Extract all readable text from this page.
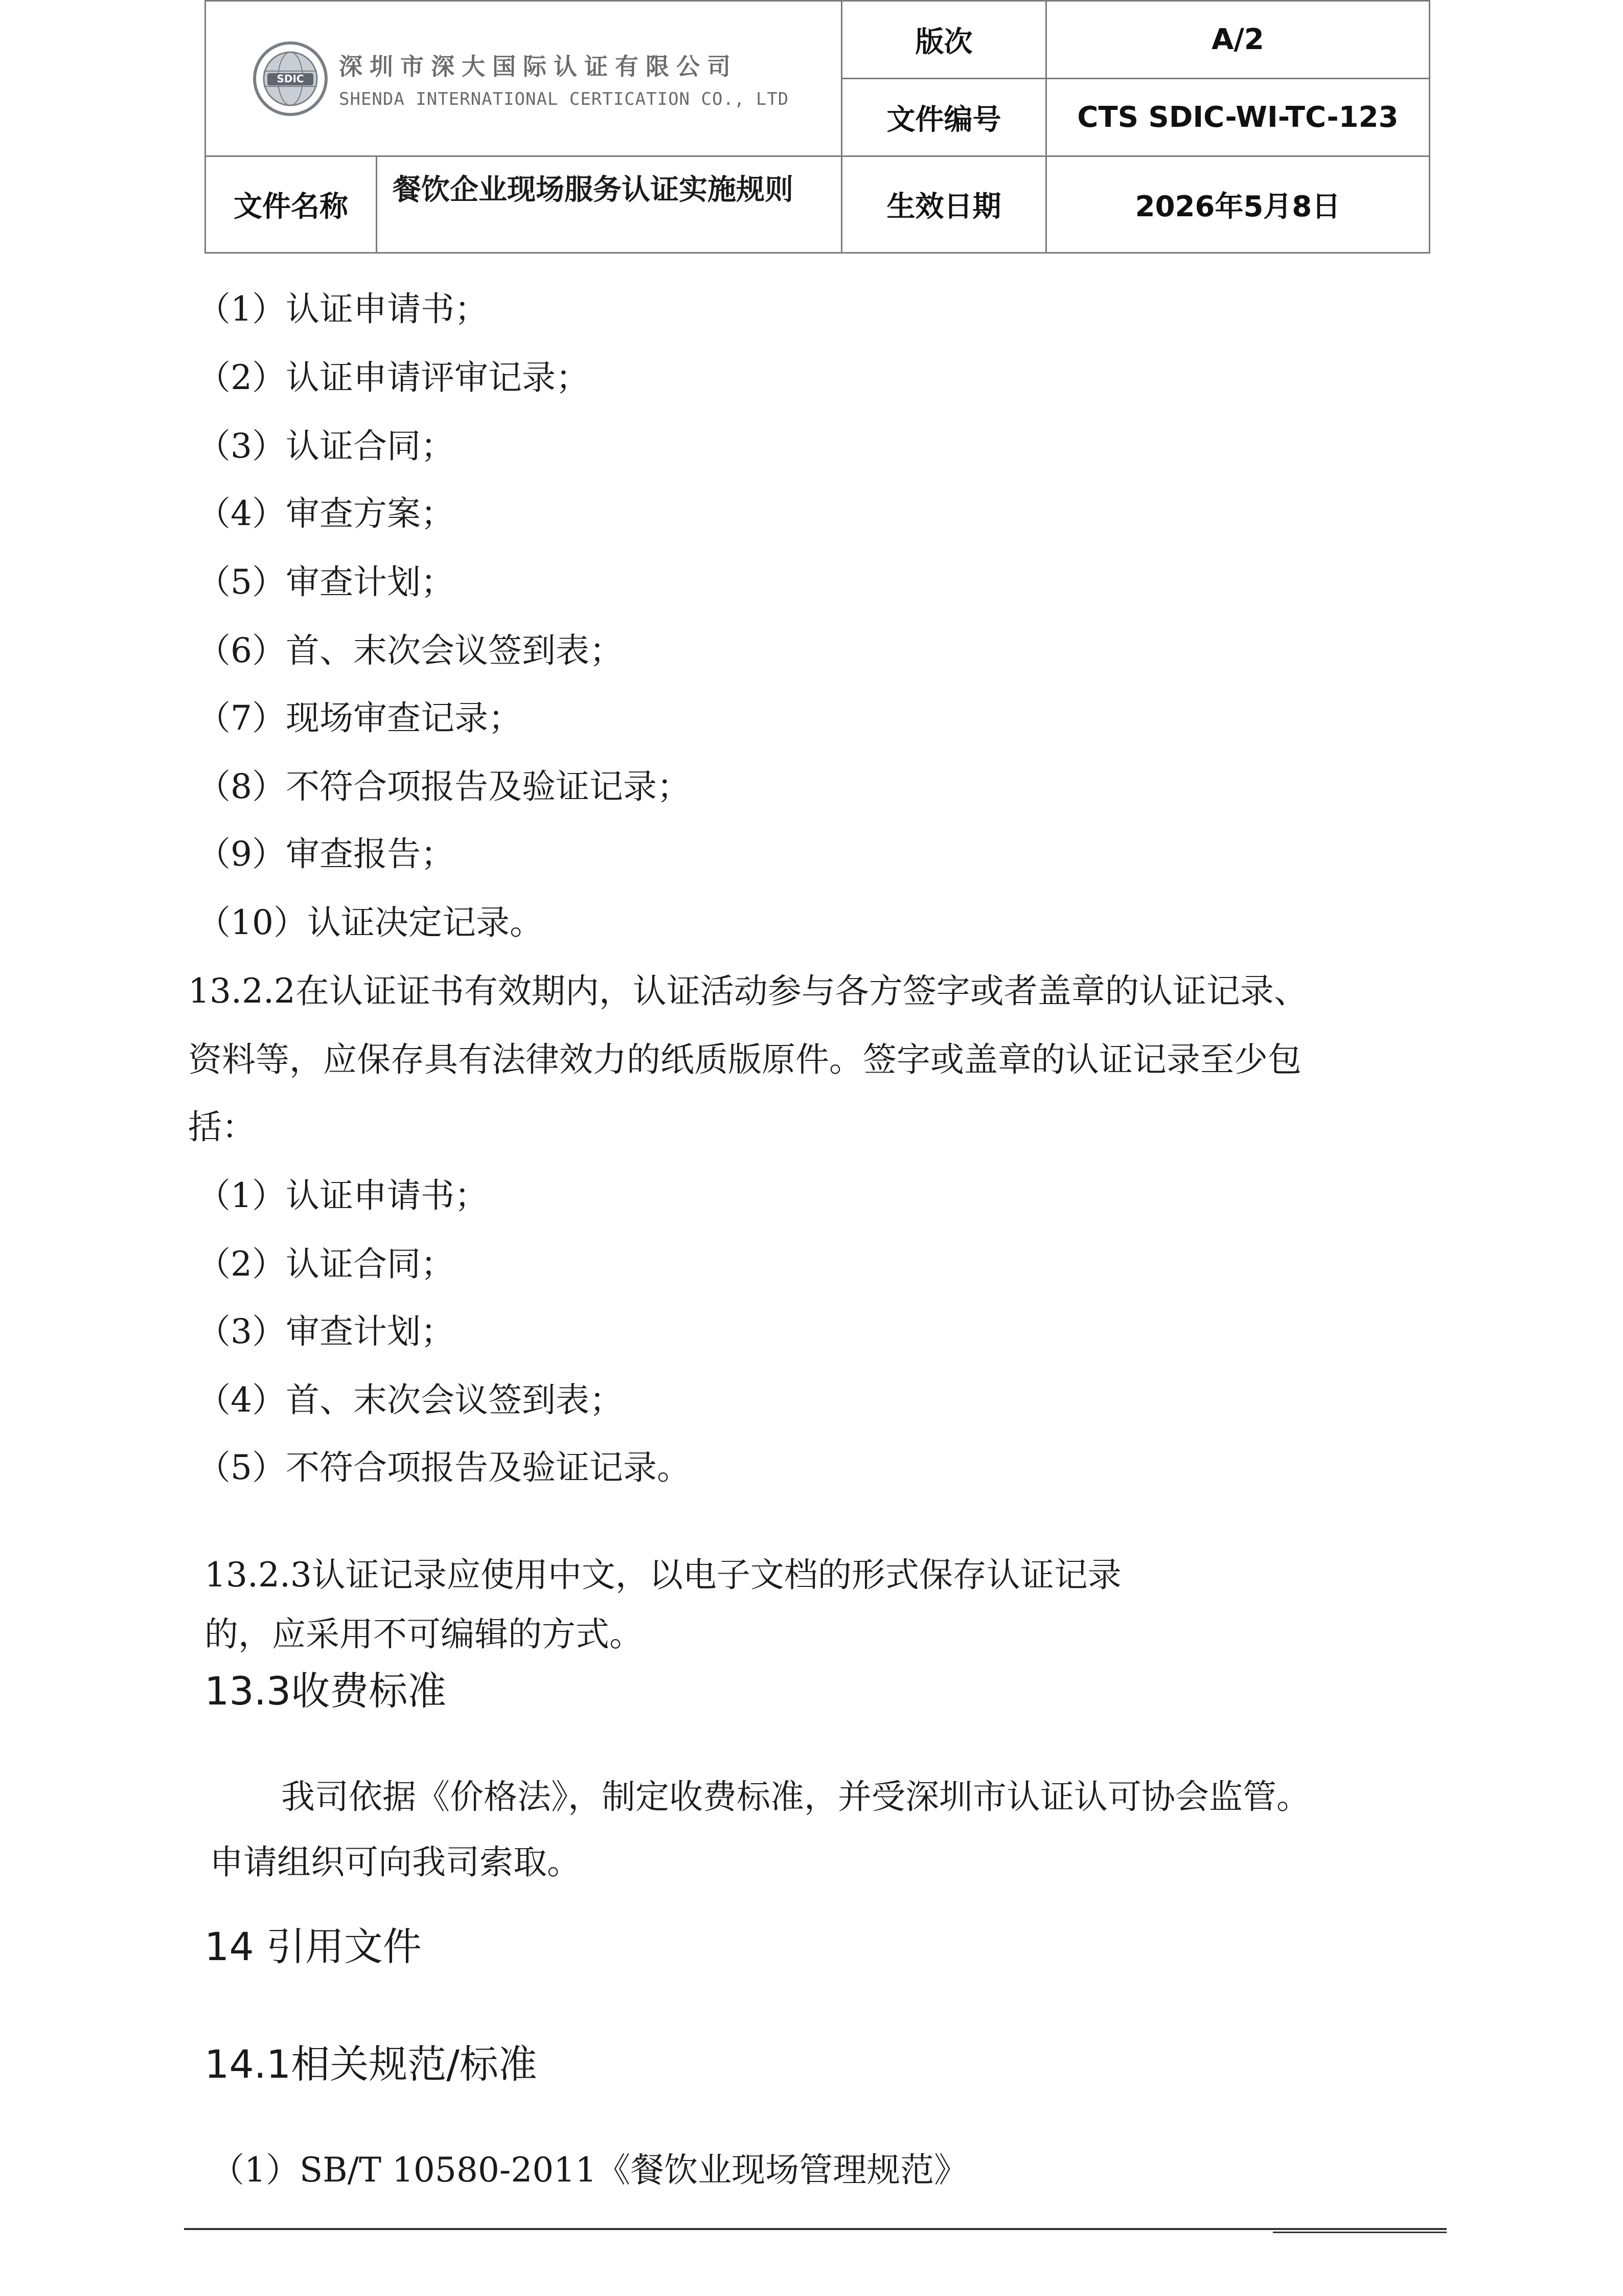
SDIC 深圳市深大国际认证有限公司
SHENDA INTERNATIONAL CERTICATION CO., LTD		版次	A/2
		文件编号	CTS SDIC-WI-TC-123
文件名称	餐饮企业现场服务认证实施规则	生效日期	2026年5月8日
（1）认证申请书；
（2）认证申请评审记录；
（3）认证合同；
（4）审查方案；
（5）审查计划；
（6）首、末次会议签到表；
（7）现场审查记录；
（8）不符合项报告及验证记录；
（9）审查报告；
（10）认证决定记录。
13.2.2在认证证书有效期内，认证活动参与各方签字或者盖章的认证记录、
资料等，应保存具有法律效力的纸质版原件。签字或盖章的认证记录至少包
括：
（1）认证申请书；
（2）认证合同；
（3）审查计划；
（4）首、末次会议签到表；
（5）不符合项报告及验证记录。
13.2.3认证记录应使用中文，以电子文档的形式保存认证记录
的，应采用不可编辑的方式。
13.3收费标准
我司依据《价格法》，制定收费标准，并受深圳市认证认可协会监管。
申请组织可向我司索取。
14 引用文件
14.1相关规范/标准
（1）SB/T 10580-2011《餐饮业现场管理规范》
